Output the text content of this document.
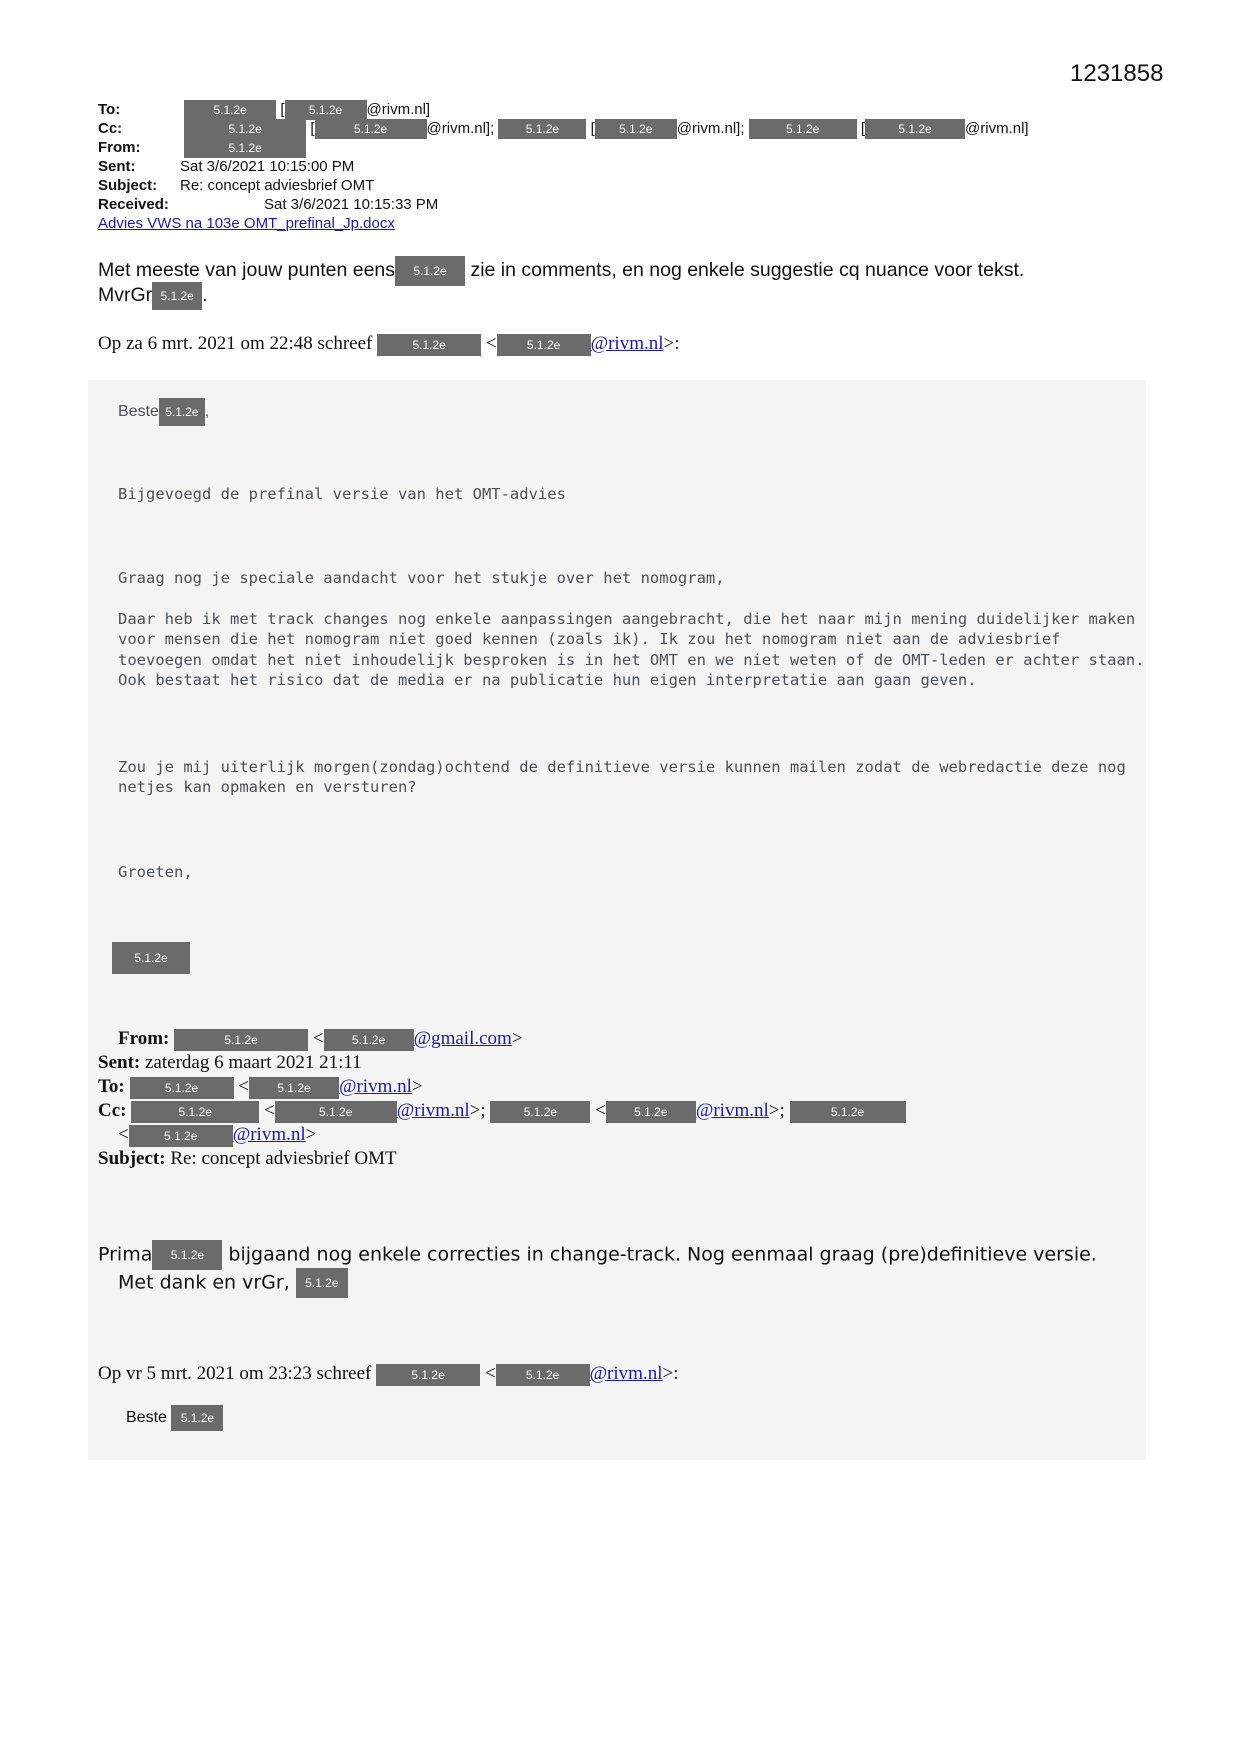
1231858
To:	5.1.2e [ 5.1.2e @rivm.nl]
Cc:	5.1.2e	[	5.1.2e	@rivm.nl];	5.1.2e [ 5.1.2e @rivm.nl];	5.1.2e	[	5.1.2e @rivm.nl]
From:	5.1.2e
Sent:	Sat 3/6/2021 10:15:00 PM
Subject: Re: concept adviesbrief OMT
Received:	Sat 3/6/2021 10:15:33 PM
Advies VWS na 103e OMT_prefinal_Jp.docx
Met meeste van jouw punten eens 5.1.2e zie in comments, en nog enkele suggestie cq nuance voor tekst.
MvrGr 5.1.2e .
Op za 6 mrt. 2021 om 22:48 schreef	5.1.2e <	5.1.2e @rivm.nl>:
Beste 5.1.2e ,
Bijgevoegd de prefinal versie van het OMT-advies
Graag nog je speciale aandacht voor het stukje over het nomogram,
Daar heb ik met track changes nog enkele aanpassingen aangebracht, die het naar mijn mening duidelijker maken
voor mensen die het nomogram niet goed kennen (zoals ik). Ik zou het nomogram niet aan de adviesbrief
toevoegen omdat het niet inhoudelijk besproken is in het OMT en we niet weten of de OMT-leden er achter staan.
Ook bestaat het risico dat de media er na publicatie hun eigen interpretatie aan gaan geven.
Zou je mij uiterlijk morgen(zondag)ochtend de definitieve versie kunnen mailen zodat de webredactie deze nog
netjes kan opmaken en versturen?
Groeten,
5.1.2e
From:	5.1.2e	< 5.1.2e @gmail.com>
Sent: zaterdag 6 maart 2021 21:11
To:	5.1.2e < 5.1.2e @rivm.nl>
Cc:	5.1.2e	<	5.1.2e @rivm.nl>;	5.1.2e < 5.1.2e @rivm.nl>;	5.1.2e
<	5.1.2e @rivm.nl>
Subject: Re: concept adviesbrief OMT
Prima 5.1.2e bijgaand nog enkele correcties in change-track. Nog eenmaal graag (pre)definitieve versie.
Met dank en vrGr, 5.1.2e
Op vr 5 mrt. 2021 om 23:23 schreef	5.1.2e <	5.1.2e @rivm.nl>:
Beste 5.1.2e
